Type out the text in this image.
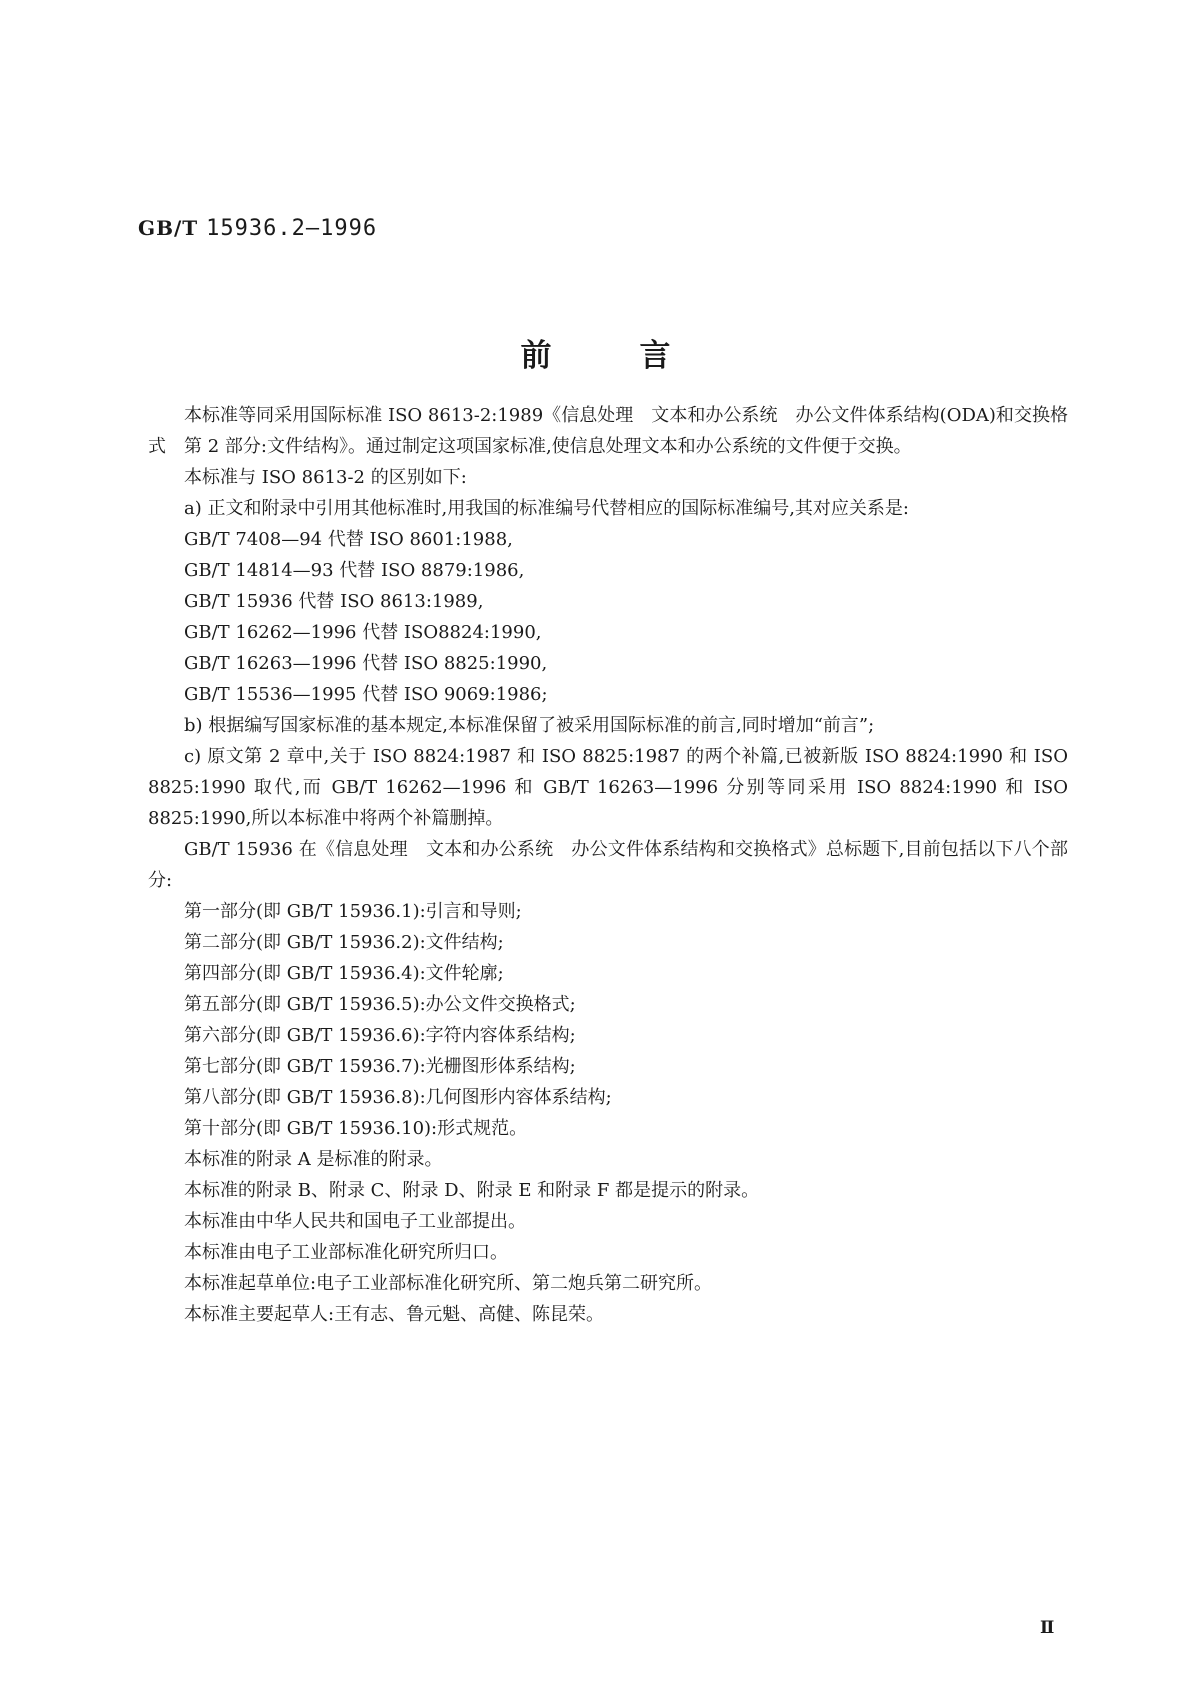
GB/T 15936.2—1996
前言

本标准等同采用国际标准 ISO 8613-2:1989《信息处理　文本和办公系统　办公文件体系结构(ODA)和交换格式　第 2 部分:文件结构》。通过制定这项国家标准,使信息处理文本和办公系统的文件便于交换。

本标准与 ISO 8613-2 的区别如下:

a) 正文和附录中引用其他标准时,用我国的标准编号代替相应的国际标准编号,其对应关系是:

GB/T 7408—94 代替 ISO 8601:1988,

GB/T 14814—93 代替 ISO 8879:1986,

GB/T 15936 代替 ISO 8613:1989,

GB/T 16262—1996 代替 ISO8824:1990,

GB/T 16263—1996 代替 ISO 8825:1990,

GB/T 15536—1995 代替 ISO 9069:1986;

b) 根据编写国家标准的基本规定,本标准保留了被采用国际标准的前言,同时增加“前言”;

c) 原文第 2 章中,关于 ISO 8824:1987 和 ISO 8825:1987 的两个补篇,已被新版 ISO 8824:1990 和 ISO 8825:1990 取代,而 GB/T 16262—1996 和 GB/T 16263—1996 分别等同采用 ISO 8824:1990 和 ISO 8825:1990,所以本标准中将两个补篇删掉。

GB/T 15936 在《信息处理　文本和办公系统　办公文件体系结构和交换格式》总标题下,目前包括以下八个部分:

第一部分(即 GB/T 15936.1):引言和导则;

第二部分(即 GB/T 15936.2):文件结构;

第四部分(即 GB/T 15936.4):文件轮廓;

第五部分(即 GB/T 15936.5):办公文件交换格式;

第六部分(即 GB/T 15936.6):字符内容体系结构;

第七部分(即 GB/T 15936.7):光栅图形体系结构;

第八部分(即 GB/T 15936.8):几何图形内容体系结构;

第十部分(即 GB/T 15936.10):形式规范。

本标准的附录 A 是标准的附录。

本标准的附录 B、附录 C、附录 D、附录 E 和附录 F 都是提示的附录。

本标准由中华人民共和国电子工业部提出。

本标准由电子工业部标准化研究所归口。

本标准起草单位:电子工业部标准化研究所、第二炮兵第二研究所。

本标准主要起草人:王有志、鲁元魁、高健、陈昆荣。

Ⅱ
